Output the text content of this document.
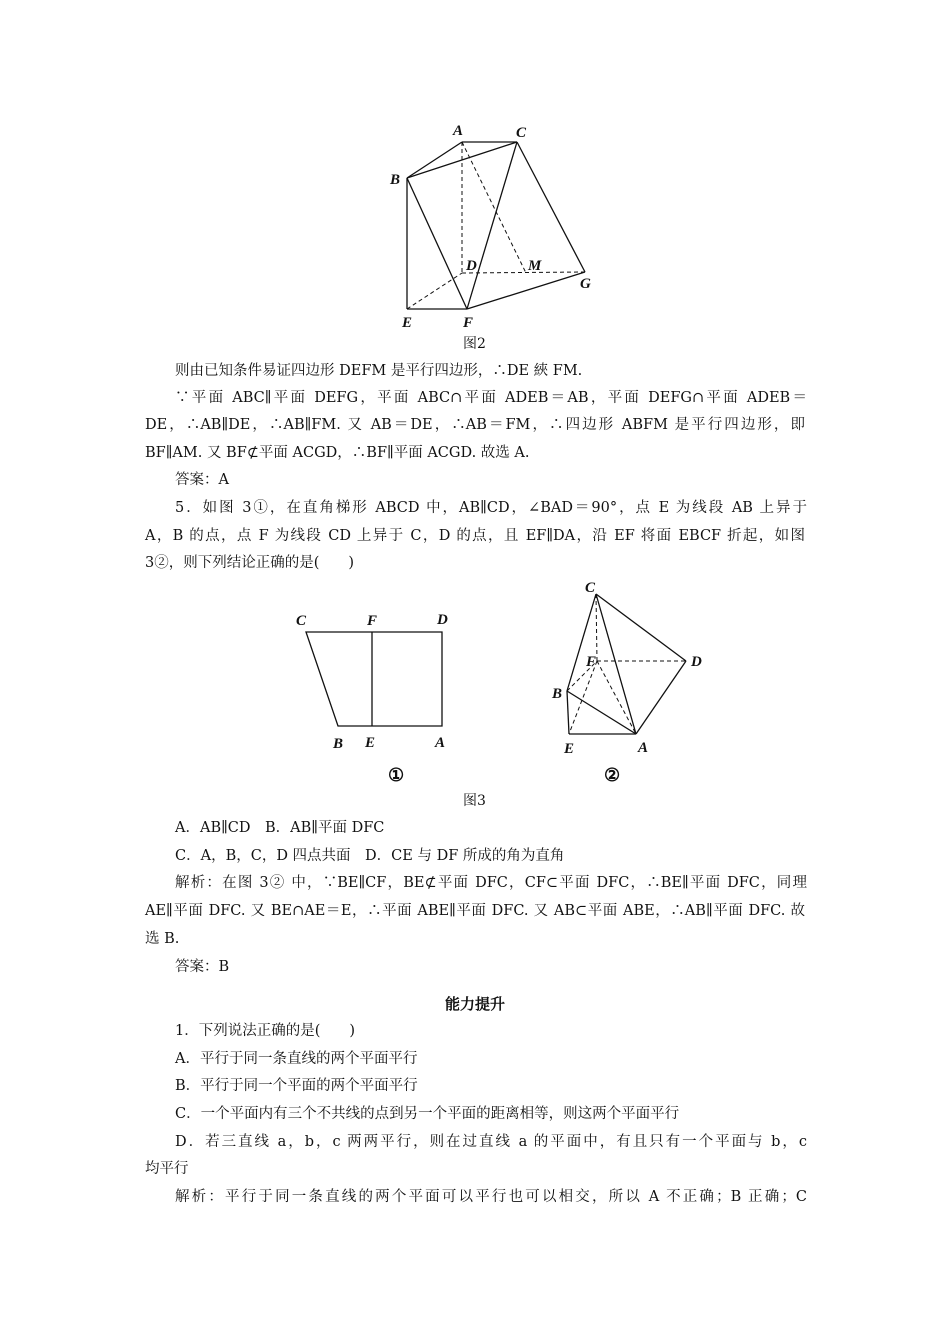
A	C
B
D	M
G
E	F
图2
则由已知条件易证四边形 DEFM 是平行四边形，∴DE 綊 FM.
∵平面 ABC∥平面 DEFG，平面 ABC∩平面 ADEB＝AB，平面 DEFG∩平面 ADEB＝
DE，∴AB∥DE，∴AB∥FM. 又 AB＝DE，∴AB＝FM，∴四边形 ABFM 是平行四边形，即
BF∥AM. 又 BF⊄平面 ACGD，∴BF∥平面 ACGD. 故选 A.
答案：A
5．如图 3①，在直角梯形 ABCD 中，AB∥CD，∠BAD＝90°，点 E 为线段 AB 上异于
A，B 的点，点 F 为线段 CD 上异于 C，D 的点，且 EF∥DA，沿 EF 将面 EBCF 折起，如图
3②，则下列结论正确的是(　　)
C	F	D
B E	A
①
C
F	D
B
E	A
②
图3
A．AB∥CD　B．AB∥平面 DFC
C．A，B，C，D 四点共面　D．CE 与 DF 所成的角为直角
解析：在图 3② 中，∵BE∥CF，BE⊄平面 DFC，CF⊂平面 DFC，∴BE∥平面 DFC，同理
AE∥平面 DFC. 又 BE∩AE＝E，∴平面 ABE∥平面 DFC. 又 AB⊂平面 ABE，∴AB∥平面 DFC. 故
选 B.
答案：B
能力提升
1．下列说法正确的是(　　)
A．平行于同一条直线的两个平面平行
B．平行于同一个平面的两个平面平行
C．一个平面内有三个不共线的点到另一个平面的距离相等，则这两个平面平行
D．若三直线 a，b，c 两两平行，则在过直线 a 的平面中，有且只有一个平面与 b，c
均平行
解析：平行于同一条直线的两个平面可以平行也可以相交，所以 A 不正确；B 正确；C
